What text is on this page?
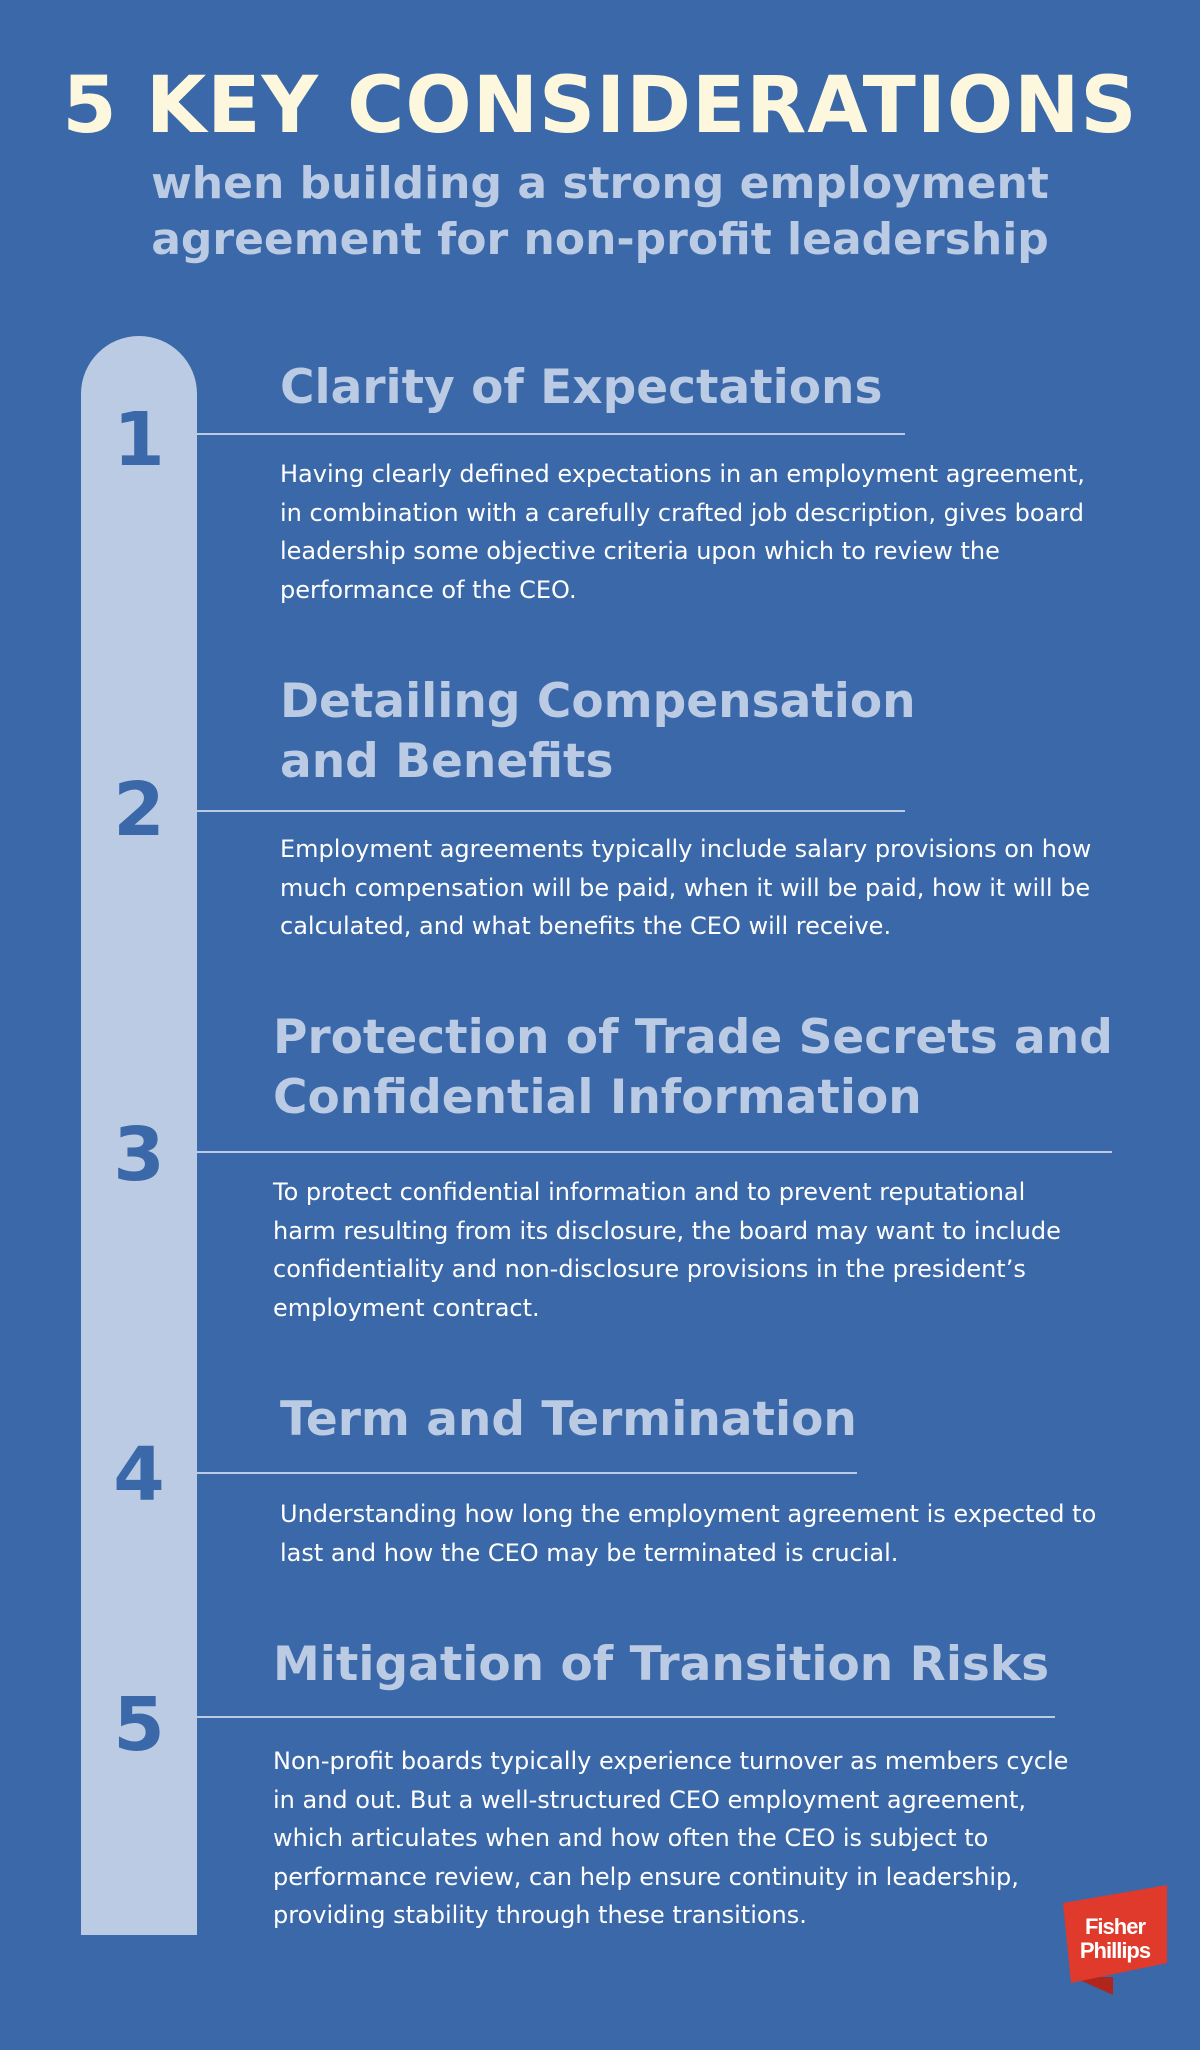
5 KEY CONSIDERATIONS
when building a strong employment
agreement for non-profit leadership
1
Clarity of Expectations

Having clearly defined expectations in an employment agreement,
in combination with a carefully crafted job description, gives board
leadership some objective criteria upon which to review the
performance of the CEO.

2
Detailing Compensation
and Benefits

Employment agreements typically include salary provisions on how
much compensation will be paid, when it will be paid, how it will be
calculated, and what benefits the CEO will receive.

3
Protection of Trade Secrets and
Confidential Information

To protect confidential information and to prevent reputational
harm resulting from its disclosure, the board may want to include
confidentiality and non-disclosure provisions in the president’s
employment contract.

4
Term and Termination

Understanding how long the employment agreement is expected to
last and how the CEO may be terminated is crucial.

5
Mitigation of Transition Risks

Non-profit boards typically experience turnover as members cycle
in and out. But a well-structured CEO employment agreement,
which articulates when and how often the CEO is subject to
performance review, can help ensure continuity in leadership,
providing stability through these transitions.	Fisher
Phillips
